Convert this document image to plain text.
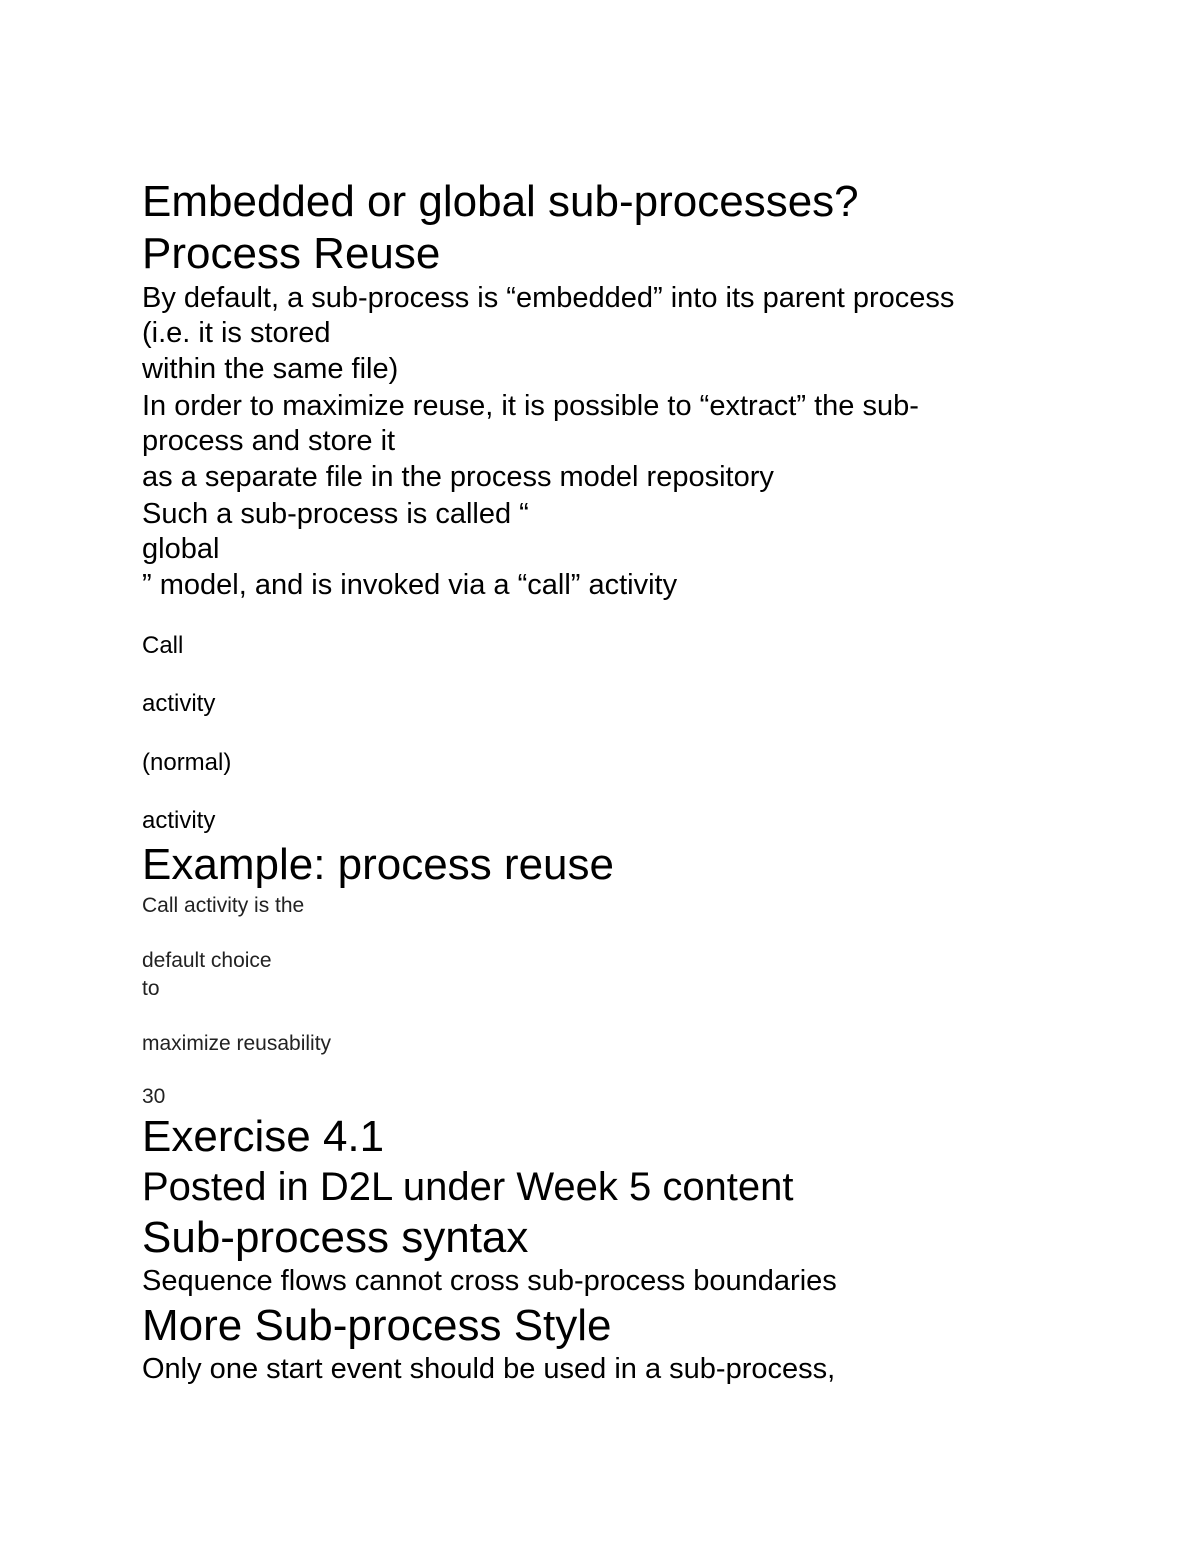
Embedded or global sub-processes?
Process Reuse
By default, a sub-process is “embedded” into its parent process
(i.e. it is stored
within the same file)
In order to maximize reuse, it is possible to “extract” the sub-
process and store it
as a separate file in the process model repository
Such a sub-process is called “
global
” model, and is invoked via a “call” activity
Call
activity
(normal)
activity
Example: process reuse
Call activity is the
default choice
to
maximize reusability
30
Exercise 4.1
Posted in D2L under Week 5 content
Sub-process syntax
Sequence flows cannot cross sub-process boundaries
More Sub-process Style
Only one start event should be used in a sub-process,
